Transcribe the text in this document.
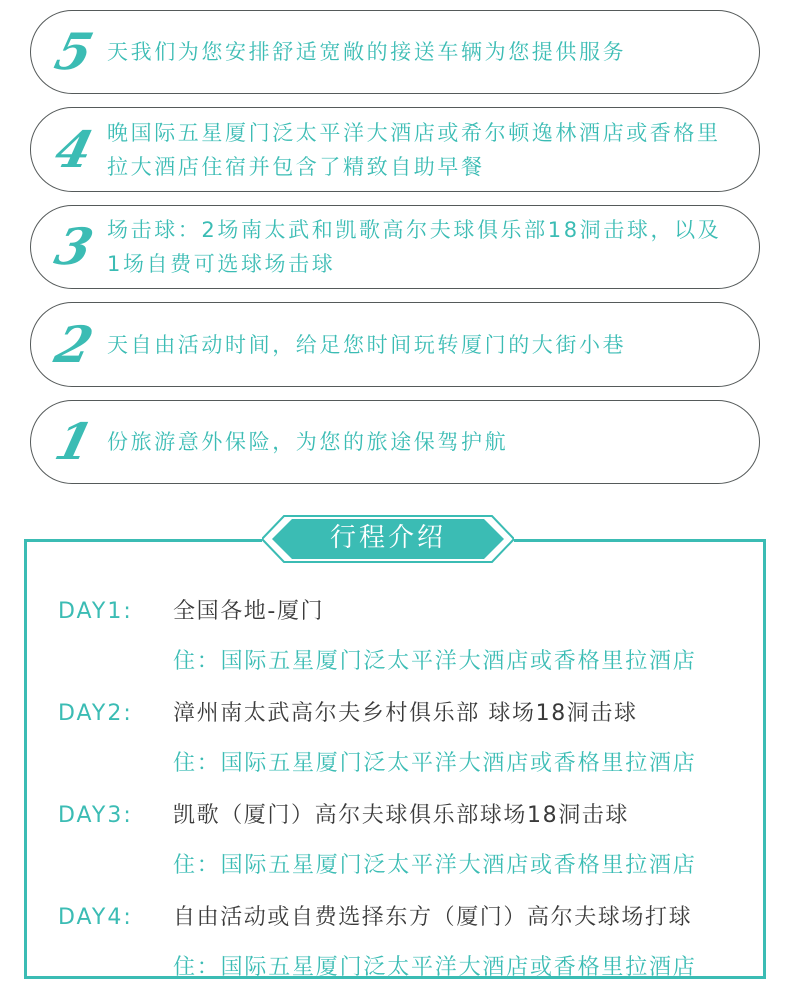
5 天我们为您安排舒适宽敞的接送车辆为您提供服务
4 晚国际五星厦门泛太平洋大酒店或希尔顿逸林酒店或香格里拉大酒店住宿并包含了精致自助早餐
3 场击球：2场南太武和凯歌高尔夫球俱乐部18洞击球，以及1场自费可选球场击球
2 天自由活动时间，给足您时间玩转厦门的大街小巷
1 份旅游意外保险，为您的旅途保驾护航
行程介绍
DAY1: 全国各地-厦门
住：国际五星厦门泛太平洋大酒店或香格里拉酒店
DAY2: 漳州南太武高尔夫乡村俱乐部 球场18洞击球
住：国际五星厦门泛太平洋大酒店或香格里拉酒店
DAY3: 凯歌（厦门）高尔夫球俱乐部球场18洞击球
住：国际五星厦门泛太平洋大酒店或香格里拉酒店
DAY4: 自由活动或自费选择东方（厦门）高尔夫球场打球
住：国际五星厦门泛太平洋大酒店或香格里拉酒店
